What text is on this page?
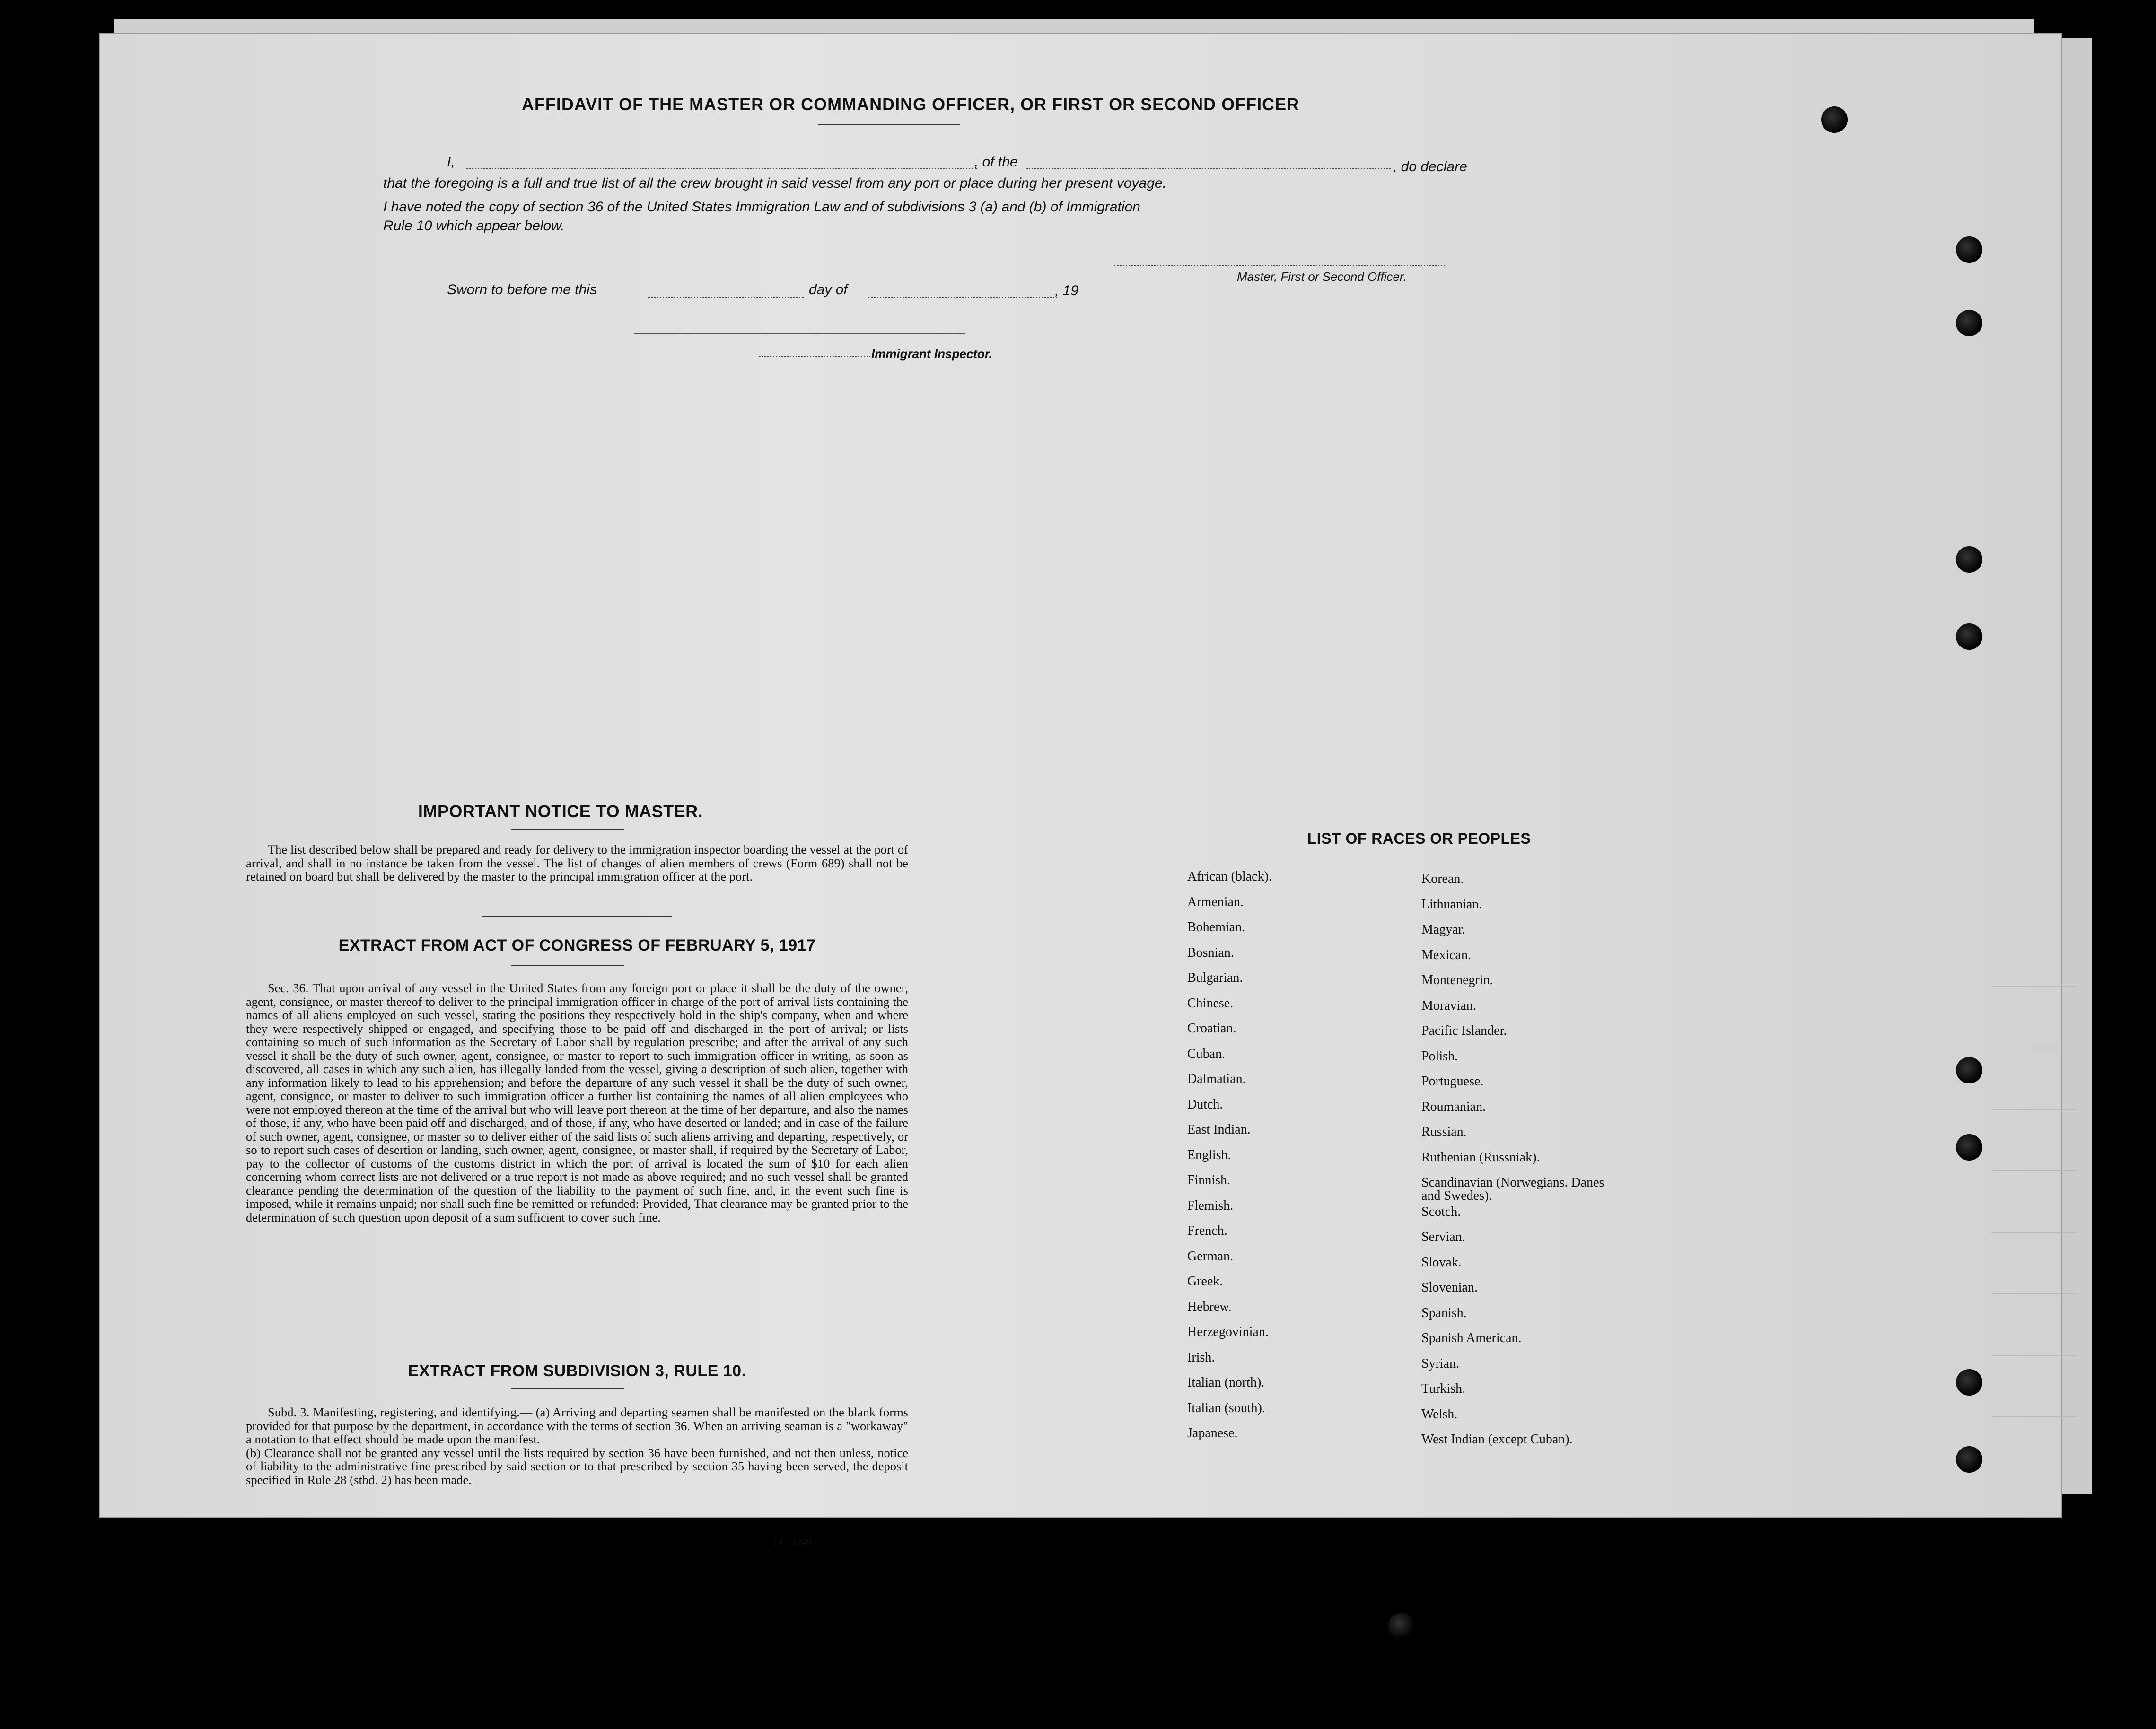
AFFIDAVIT OF THE MASTER OR COMMANDING OFFICER, OR FIRST OR SECOND OFFICER
I,	, of the	, do declare
that the foregoing is a full and true list of all the crew brought in said vessel from any port or place during her present voyage.
I have noted the copy of section 36 of the United States Immigration Law and of subdivisions 3 (a) and (b) of Immigration
Rule 10 which appear below.
Master, First or Second Officer.
Sworn to before me this	day of	, 19
Immigrant Inspector.
IMPORTANT NOTICE TO MASTER.

The list described below shall be prepared and ready for delivery to the immigration inspector boarding the vessel at the port of arrival, and shall in no instance be taken from the vessel. The list of changes of alien members of crews (Form 689) shall not be retained on board but shall be delivered by the master to the principal immigration officer at the port.

EXTRACT FROM ACT OF CONGRESS OF FEBRUARY 5, 1917

Sec. 36. That upon arrival of any vessel in the United States from any foreign port or place it shall be the duty of the owner, agent, consignee, or master thereof to deliver to the principal immigration officer in charge of the port of arrival lists containing the names of all aliens employed on such vessel, stating the positions they respectively hold in the ship's company, when and where they were respectively shipped or engaged, and specifying those to be paid off and discharged in the port of arrival; or lists containing so much of such information as the Secretary of Labor shall by regulation prescribe; and after the arrival of any such vessel it shall be the duty of such owner, agent, consignee, or master to report to such immigration officer in writing, as soon as discovered, all cases in which any such alien, has illegally landed from the vessel, giving a description of such alien, together with any information likely to lead to his apprehension; and before the departure of any such vessel it shall be the duty of such owner, agent, consignee, or master to deliver to such immigration officer a further list containing the names of all alien employees who were not employed thereon at the time of the arrival but who will leave port thereon at the time of her departure, and also the names of those, if any, who have been paid off and discharged, and of those, if any, who have deserted or landed; and in case of the failure of such owner, agent, consignee, or master so to deliver either of the said lists of such aliens arriving and departing, respectively, or so to report such cases of desertion or landing, such owner, agent, consignee, or master shall, if required by the Secretary of Labor, pay to the collector of customs of the customs district in which the port of arrival is located the sum of $10 for each alien concerning whom correct lists are not delivered or a true report is not made as above required; and no such vessel shall be granted clearance pending the determination of the question of the liability to the payment of such fine, and, in the event such fine is imposed, while it remains unpaid; nor shall such fine be remitted or refunded: Provided, That clearance may be granted prior to the determination of such question upon deposit of a sum sufficient to cover such fine.

EXTRACT FROM SUBDIVISION 3, RULE 10.

Subd. 3. Manifesting, registering, and identifying.— (a) Arriving and departing seamen shall be manifested on the blank forms provided for that purpose by the department, in accordance with the terms of section 36. When an arriving seaman is a "workaway" a notation to that effect should be made upon the manifest.

(b) Clearance shall not be granted any vessel until the lists required by section 36 have been furnished, and not then unless, notice of liability to the administrative fine prescribed by said section or to that prescribed by section 35 having been served, the deposit specified in Rule 28 (stbd. 2) has been made.

14—1240
LIST OF RACES OR PEOPLES
African (black).
Armenian.
Bohemian.
Bosnian.
Bulgarian.
Chinese.
Croatian.
Cuban.
Dalmatian.
Dutch.
East Indian.
English.
Finnish.
Flemish.
French.
German.
Greek.
Hebrew.
Herzegovinian.
Irish.
Italian (north).
Italian (south).
Japanese.
Korean.
Lithuanian.
Magyar.
Mexican.
Montenegrin.
Moravian.
Pacific Islander.
Polish.
Portuguese.
Roumanian.
Russian.
Ruthenian (Russniak).
Scandinavian (Norwegians. Danes and Swedes).
Scotch.
Servian.
Slovak.
Slovenian.
Spanish.
Spanish American.
Syrian.
Turkish.
Welsh.
West Indian (except Cuban).
